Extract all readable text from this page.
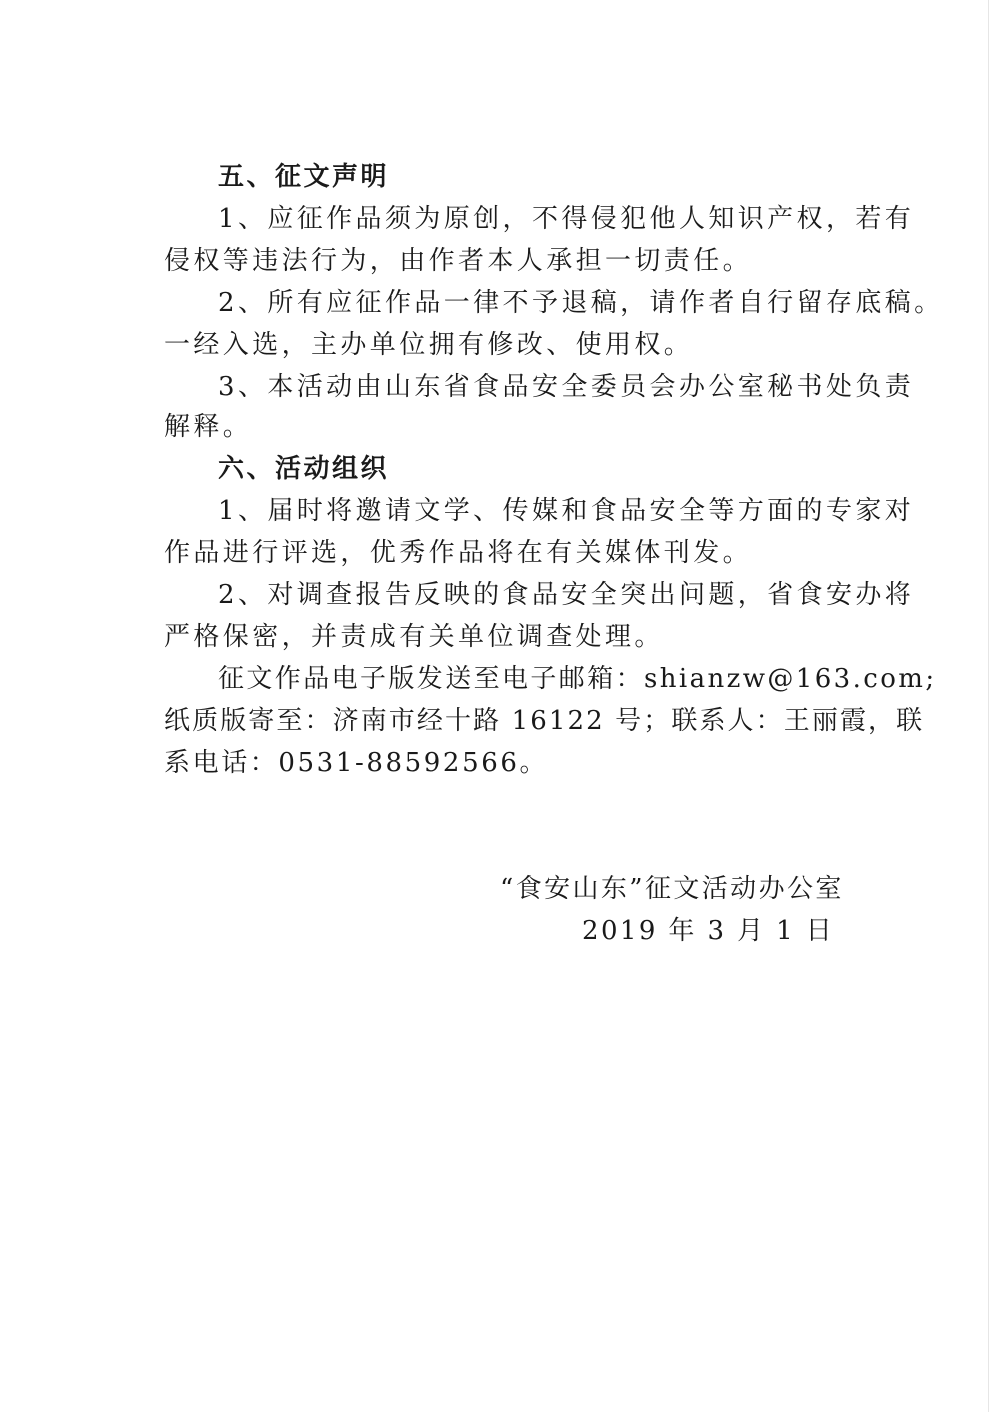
五、征文声明
1、应征作品须为原创，不得侵犯他人知识产权，若有
侵权等违法行为，由作者本人承担一切责任。
2、所有应征作品一律不予退稿，请作者自行留存底稿。
一经入选，主办单位拥有修改、使用权。
3、本活动由山东省食品安全委员会办公室秘书处负责
解释。
六、活动组织
1、届时将邀请文学、传媒和食品安全等方面的专家对
作品进行评选，优秀作品将在有关媒体刊发。
2、对调查报告反映的食品安全突出问题，省食安办将
严格保密，并责成有关单位调查处理。
征文作品电子版发送至电子邮箱：shianzw@163.com;
纸质版寄至：济南市经十路 16122 号；联系人：王丽霞，联
系电话：0531-88592566。
“食安山东”征文活动办公室
2019 年 3 月 1 日
